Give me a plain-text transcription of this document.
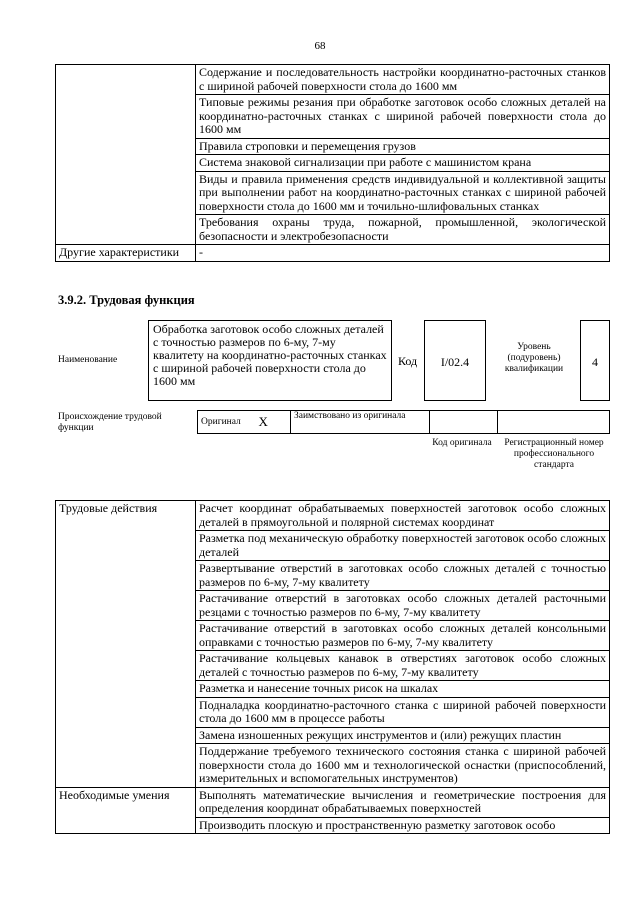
68
	Содержание и последовательность настройки координатно-расточных станков с шириной рабочей поверхности стола до 1600 мм
	Типовые режимы резания при обработке заготовок особо сложных деталей на координатно-расточных станках с шириной рабочей поверхности стола до 1600 мм
	Правила строповки и перемещения грузов
	Система знаковой сигнализации при работе с машинистом крана
	Виды и правила применения средств индивидуальной и коллективной защиты при выполнении работ на координатно-расточных станках с шириной рабочей поверхности стола до 1600 мм и точильно-шлифовальных станках
	Требования охраны труда, пожарной, промышленной, экологической безопасности и электробезопасности
Другие характеристики	-
3.9.2. Трудовая функция
Наименование
Обработка заготовок особо сложных деталей с точностью размеров по 6-му, 7-му квалитету на координатно-расточных станках с шириной рабочей поверхности стола до 1600 мм
Код	I/02.4
Уровень (подуровень) квалификации	4
Происхождение трудовой функции
Оригинал	X	Заимствовано из оригинала		
Код оригинала	Регистрационный номер профессионального стандарта
Трудовые действия	Расчет координат обрабатываемых поверхностей заготовок особо сложных деталей в прямоугольной и полярной системах координат
	Разметка под механическую обработку поверхностей заготовок особо сложных деталей
	Развертывание отверстий в заготовках особо сложных деталей с точностью размеров по 6-му, 7-му квалитету
	Растачивание отверстий в заготовках особо сложных деталей расточными резцами с точностью размеров по 6-му, 7-му квалитету
	Растачивание отверстий в заготовках особо сложных деталей консольными оправками с точностью размеров по 6-му, 7-му квалитету
	Растачивание кольцевых канавок в отверстиях заготовок особо сложных деталей с точностью размеров по 6-му, 7-му квалитету
	Разметка и нанесение точных рисок на шкалах
	Подналадка координатно-расточного станка с шириной рабочей поверхности стола до 1600 мм в процессе работы
	Замена изношенных режущих инструментов и (или) режущих пластин
	Поддержание требуемого технического состояния станка с шириной рабочей поверхности стола до 1600 мм и технологической оснастки (приспособлений, измерительных и вспомогательных инструментов)
Необходимые умения	Выполнять математические вычисления и геометрические построения для определения координат обрабатываемых поверхностей
	Производить плоскую и пространственную разметку заготовок особо
